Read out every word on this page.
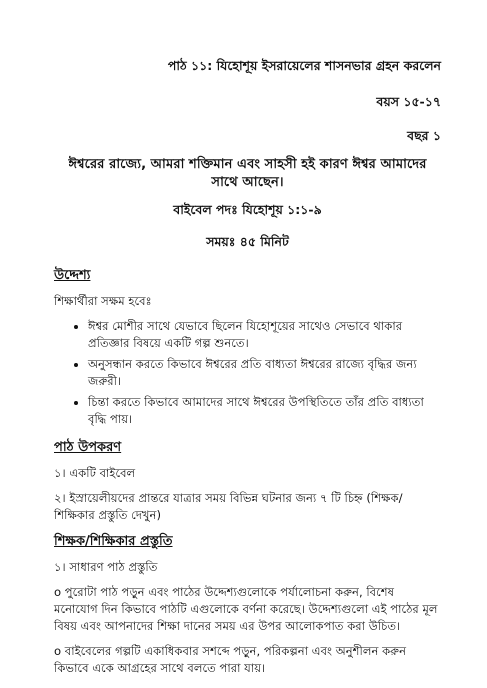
পাঠ ১১: যিহোশূয় ইসরায়েলের শাসনভার গ্রহন করলেন
বয়স ১৫-১৭
বছর ১
ঈশ্বরের রাজ্যে, আমরা শক্তিমান এবং সাহসী হই কারণ ঈশ্বর আমাদের সাথে আছেন।
বাইবেল পদঃ যিহোশূয় ১:১-৯
সময়ঃ ৪৫ মিনিট
উদ্দেশ্য
শিক্ষার্থীরা সক্ষম হবেঃ
• ঈশ্বর মোশীর সাথে যেভাবে ছিলেন যিহোশূয়ের সাথেও সেভাবে থাকার প্রতিজ্ঞার বিষয়ে একটি গল্প শুনতে।
• অনুসন্ধান করতে কিভাবে ঈশ্বরের প্রতি বাধ্যতা ঈশ্বরের রাজ্যে বৃদ্ধির জন্য জরুরী।
• চিন্তা করতে কিভাবে আমাদের সাথে ঈশ্বরের উপস্থিতিতে তাঁর প্রতি বাধ্যতা বৃদ্ধি পায়।
পাঠ উপকরণ
১। একটি বাইবেল
২। ইস্রায়েলীয়দের প্রান্তরে যাত্রার সময় বিভিন্ন ঘটনার জন্য ৭ টি চিহ্ন (শিক্ষক/শিক্ষিকার প্রস্তুতি দেখুন)
শিক্ষক/শিক্ষিকার প্রস্তুতি
১। সাধারণ পাঠ প্রস্তুতি
o পুরোটা পাঠ পড়ুন এবং পাঠের উদ্দেশ্যগুলোকে পর্যালোচনা করুন, বিশেষ মনোযোগ দিন কিভাবে পাঠটি এগুলোকে বর্ণনা করেছে। উদ্দেশ্যগুলো এই পাঠের মূল বিষয় এবং আপনাদের শিক্ষা দানের সময় এর উপর আলোকপাত করা উচিত।
o বাইবেলের গল্পটি একাধিকবার সশব্দে পড়ুন, পরিকল্পনা এবং অনুশীলন করুন কিভাবে একে আগ্রহের সাথে বলতে পারা যায়।
